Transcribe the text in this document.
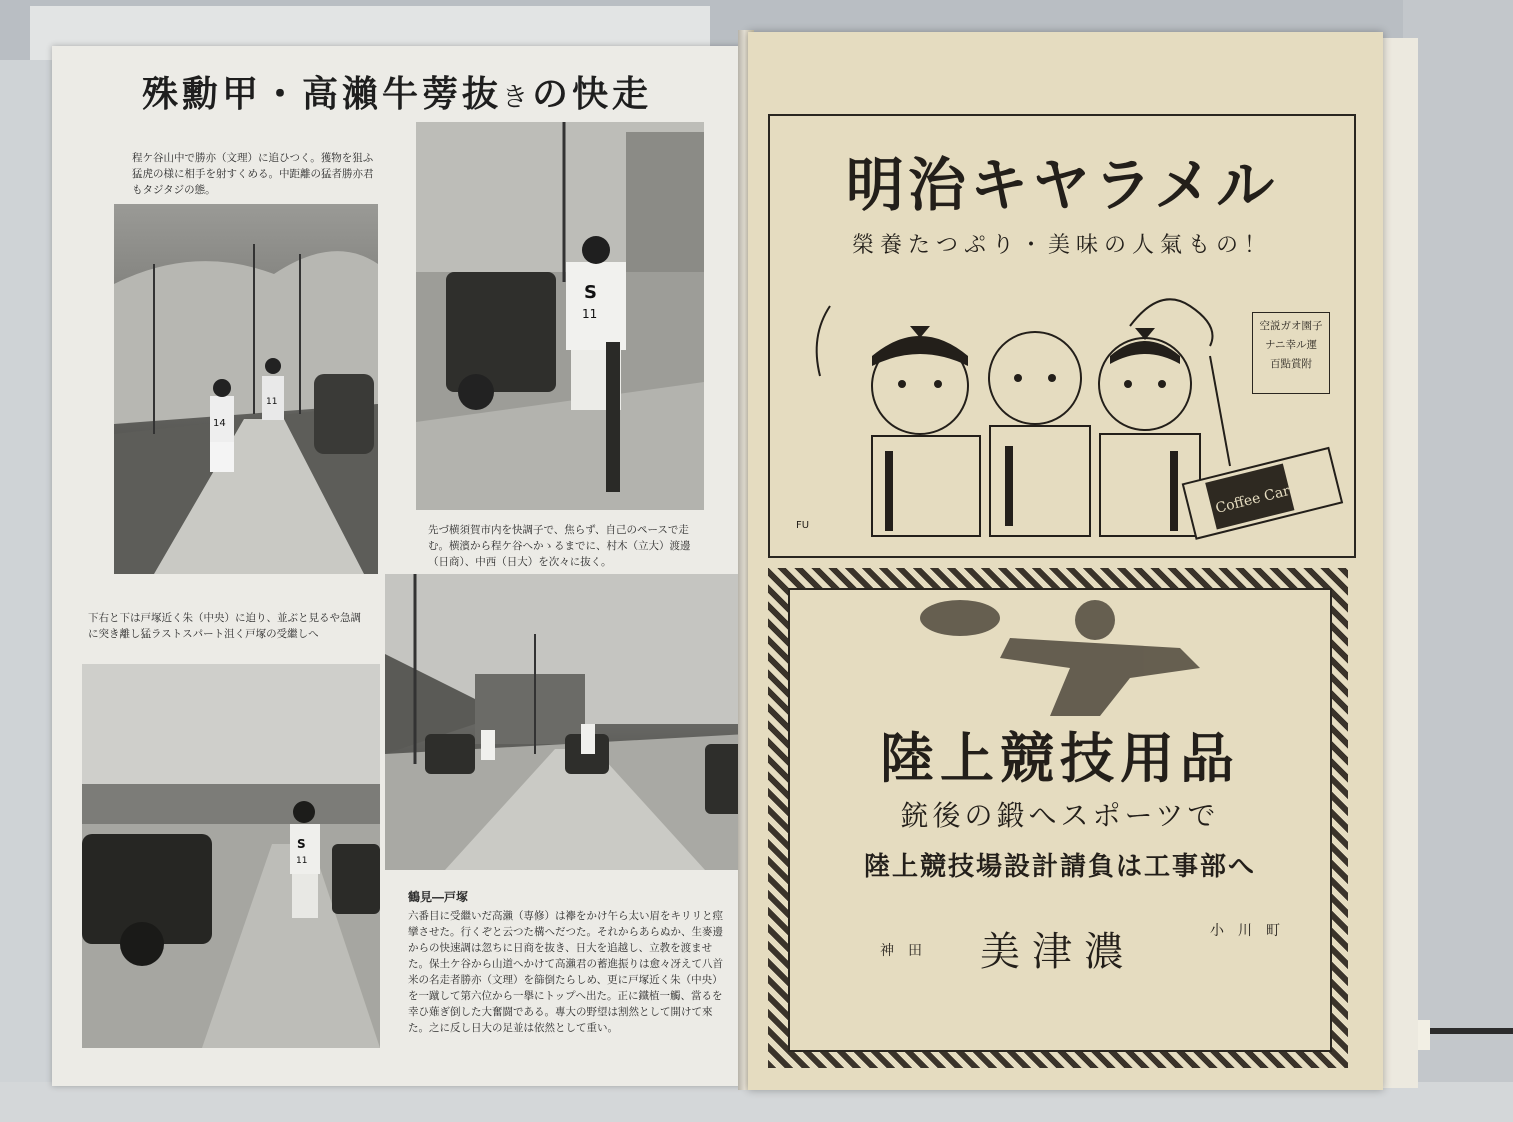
殊勳甲・高瀨牛蒡抜きの快走

程ケ谷山中で勝亦（文理）に追ひつく。獲物を狙ふ猛虎の様に相手を射すくめる。中距離の猛者勝亦君もタジタジの態。

14
11
S
11

先づ横須賀市内を快調子で、焦らず、自己のペースで走む。横濱から程ケ谷へかゝるまでに、村木（立大）渡邊（日商）、中西（日大）を次々に抜く。

下右と下は戸塚近く朱（中央）に迫り、並ぶと見るや急調に突き離し猛ラストスパート沮く戸塚の受繼しへ

S
11
鶴見―戸塚

六番目に受繼いだ高瀨（専修）は襷をかけ午ら太い眉をキリリと痙攣させた。行くぞと云つた構へだつた。それからあらぬか、生麥邊からの快速調は忽ちに日商を抜き、日大を追越し、立教を渡ませた。保土ケ谷から山道へかけて高瀨君の蓄進振りは愈々冴えて八首米の名走者勝亦（文理）を篩倒たらしめ、更に戸塚近く朱（中央）を一蹴して第六位から一擧にトップへ出た。正に鐵植一觸、當るを幸ひ薙ぎ倒した大奮闘である。專大の野望は割然として開けて來た。之に反し日大の足並は依然として重い。

明治キヤラメル

榮養たつぷり・美味の人氣もの！

Coffee Caramel
空説ガオ園子
ナニ幸ル運
百點賞附
FU
陸上競技用品

銃後の鍛へスポーツで

陸上競技場設計請負は工事部へ

神田 美津濃	小川町
